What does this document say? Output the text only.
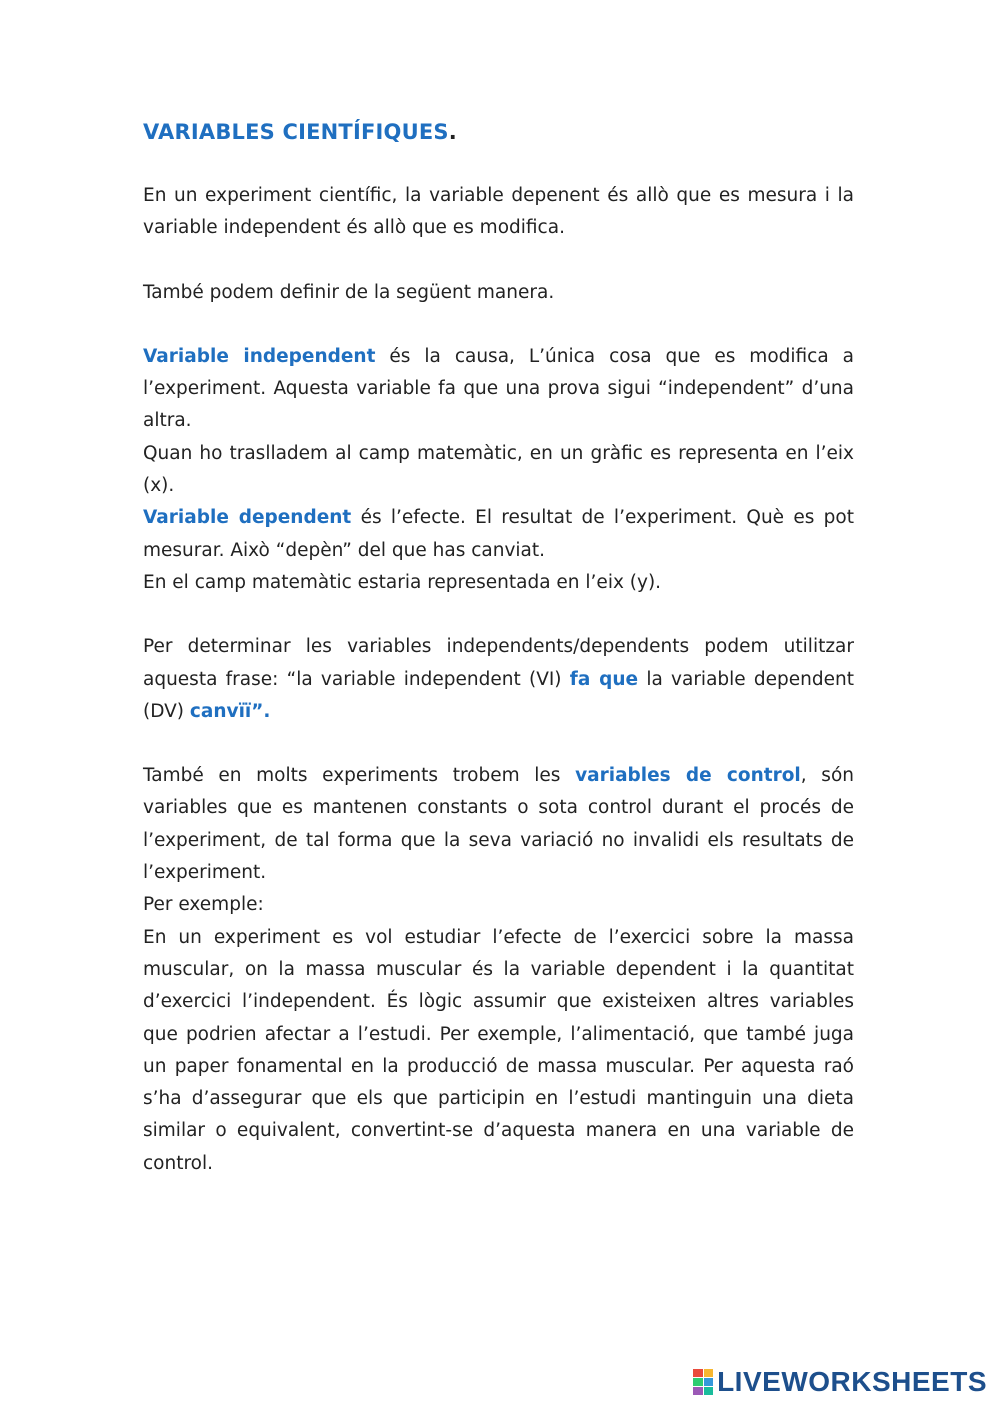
VARIABLES CIENTÍFIQUES.

En un experiment científic, la variable depenent és allò que es mesura i la variable independent és allò que es modifica.

També podem definir de la següent manera.

Variable independent és la causa, L’única cosa que es modifica a l’experiment. Aquesta variable fa que una prova sigui “independent” d’una altra.

Quan ho traslladem al camp matemàtic, en un gràfic es representa en l’eix (x).

Variable dependent és l’efecte. El resultat de l’experiment. Què es pot mesurar. Això “depèn” del que has canviat.

En el camp matemàtic estaria representada en l’eix (y).

Per determinar les variables independents/dependents podem utilitzar aquesta frase: “la variable independent (VI) fa que la variable dependent (DV) canvïï”.

També en molts experiments trobem les variables de control, són variables que es mantenen constants o sota control durant el procés de l’experiment, de tal forma que la seva variació no invalidi els resultats de l’experiment.

Per exemple:

En un experiment es vol estudiar l’efecte de l’exercici sobre la massa muscular, on la massa muscular és la variable dependent i la quantitat d’exercici l’independent. És lògic assumir que existeixen altres variables que podrien afectar a l’estudi. Per exemple, l’alimentació, que també juga un paper fonamental en la producció de massa muscular. Per aquesta raó s’ha d’assegurar que els que participin en l’estudi mantinguin una dieta similar o equivalent, convertint-se d’aquesta manera en una variable de control.

LIVEWORKSHEETS
